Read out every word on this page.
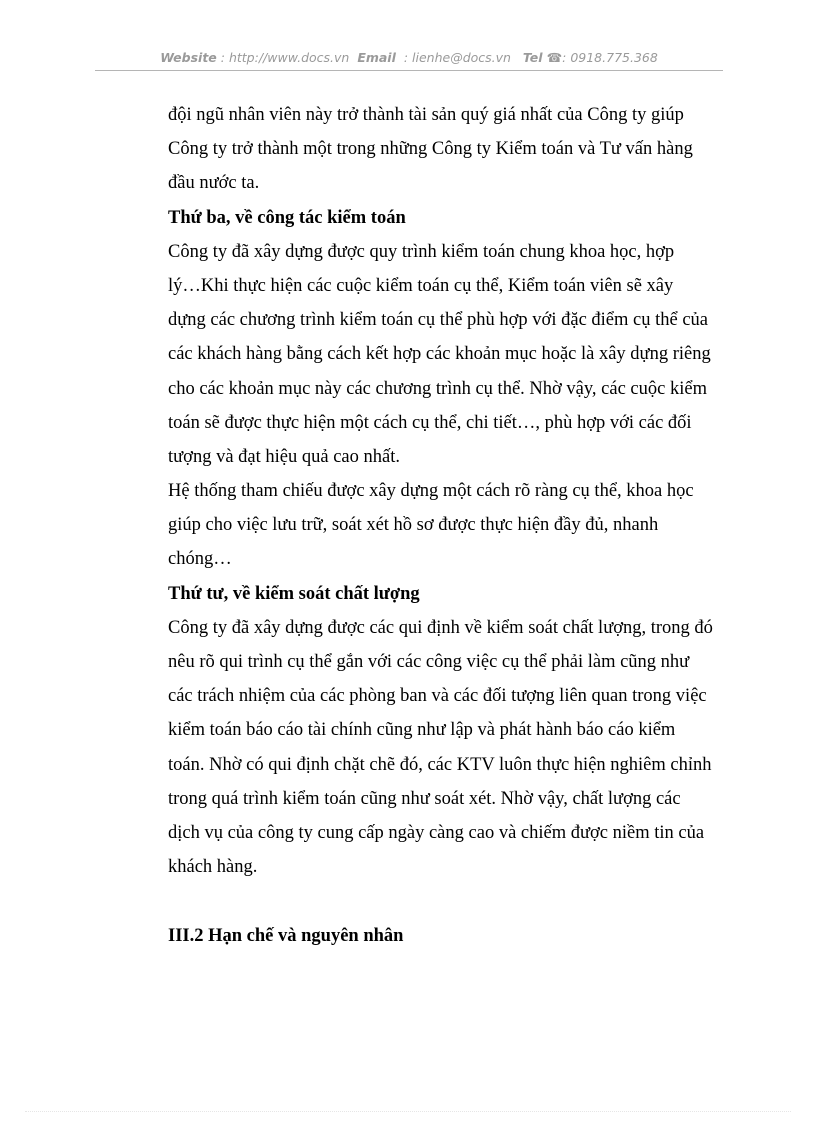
Website : http://www.docs.vn Email : lienhe@docs.vn Tel ☎: 0918.775.368
đội ngũ nhân viên này trở thành tài sản quý giá nhất của Công ty giúp
Công ty trở thành một trong những Công ty Kiểm toán và Tư vấn hàng
đầu nước ta.
Thứ ba, về công tác kiểm toán
Công ty đã xây dựng được quy trình kiểm toán chung khoa học, hợp
lý…Khi thực hiện các cuộc kiểm toán cụ thể, Kiểm toán viên sẽ xây
dựng các chương trình kiểm toán cụ thể phù hợp với đặc điểm cụ thể của
các khách hàng bằng cách kết hợp các khoản mục hoặc là xây dựng riêng
cho các khoản mục này các chương trình cụ thể. Nhờ vậy, các cuộc kiểm
toán sẽ được thực hiện một cách cụ thể, chi tiết…, phù hợp với các đối
tượng và đạt hiệu quả cao nhất.
Hệ thống tham chiếu được xây dựng một cách rõ ràng cụ thể, khoa học
giúp cho việc lưu trữ, soát xét hồ sơ được thực hiện đầy đủ, nhanh
chóng…
Thứ tư, về kiểm soát chất lượng
Công ty đã xây dựng được các qui định về kiểm soát chất lượng, trong đó
nêu rõ qui trình cụ thể gắn với các công việc cụ thể phải làm cũng như
các trách nhiệm của các phòng ban và các đối tượng liên quan trong việc
kiểm toán báo cáo tài chính cũng như lập và phát hành báo cáo kiểm
toán. Nhờ có qui định chặt chẽ đó, các KTV luôn thực hiện nghiêm chỉnh
trong quá trình kiểm toán cũng như soát xét. Nhờ vậy, chất lượng các
dịch vụ của công ty cung cấp ngày càng cao và chiếm được niềm tin của
khách hàng.
III.2 Hạn chế và nguyên nhân
